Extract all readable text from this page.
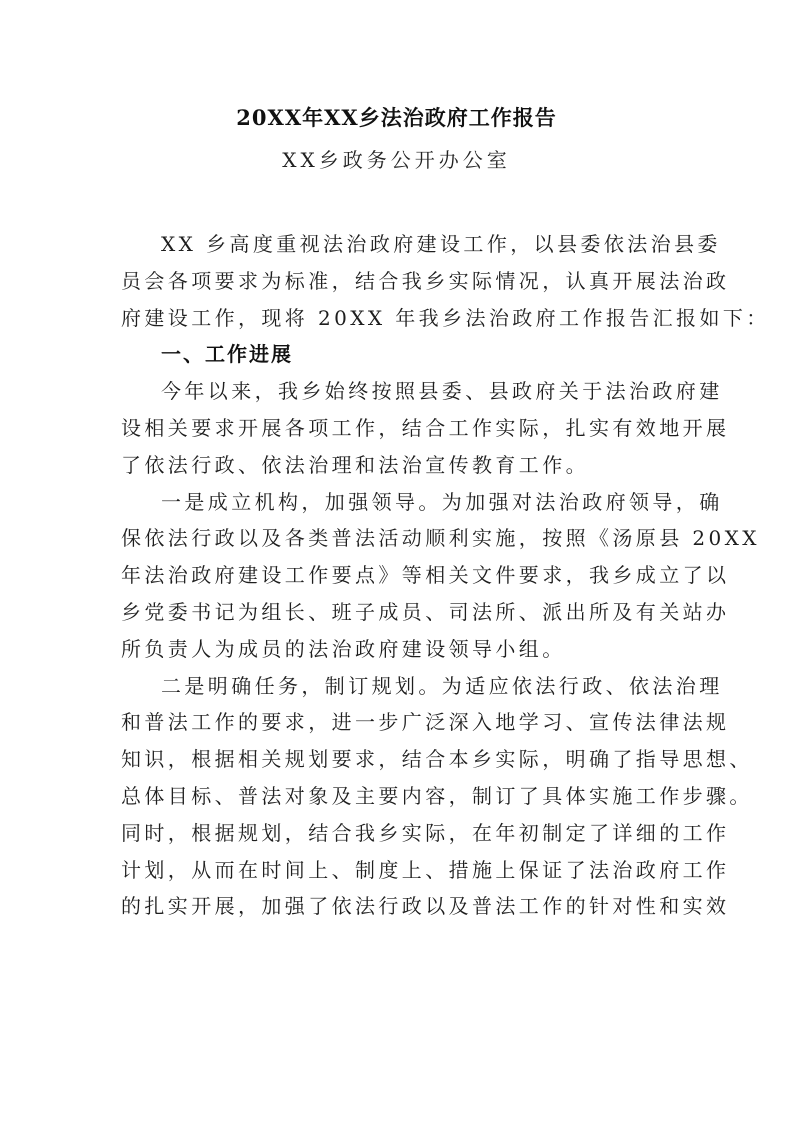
20XX年XX乡法治政府工作报告
XX乡政务公开办公室
XX 乡高度重视法治政府建设工作，以县委依法治县委
员会各项要求为标准，结合我乡实际情况，认真开展法治政
府建设工作，现将 20XX 年我乡法治政府工作报告汇报如下：
一、工作进展
今年以来，我乡始终按照县委、县政府关于法治政府建
设相关要求开展各项工作，结合工作实际，扎实有效地开展
了依法行政、依法治理和法治宣传教育工作。
一是成立机构，加强领导。为加强对法治政府领导，确
保依法行政以及各类普法活动顺利实施，按照《汤原县 20XX
年法治政府建设工作要点》等相关文件要求，我乡成立了以
乡党委书记为组长、班子成员、司法所、派出所及有关站办
所负责人为成员的法治政府建设领导小组。
二是明确任务，制订规划。为适应依法行政、依法治理
和普法工作的要求，进一步广泛深入地学习、宣传法律法规
知识，根据相关规划要求，结合本乡实际，明确了指导思想、
总体目标、普法对象及主要内容，制订了具体实施工作步骤。
同时，根据规划，结合我乡实际，在年初制定了详细的工作
计划，从而在时间上、制度上、措施上保证了法治政府工作
的扎实开展，加强了依法行政以及普法工作的针对性和实效
